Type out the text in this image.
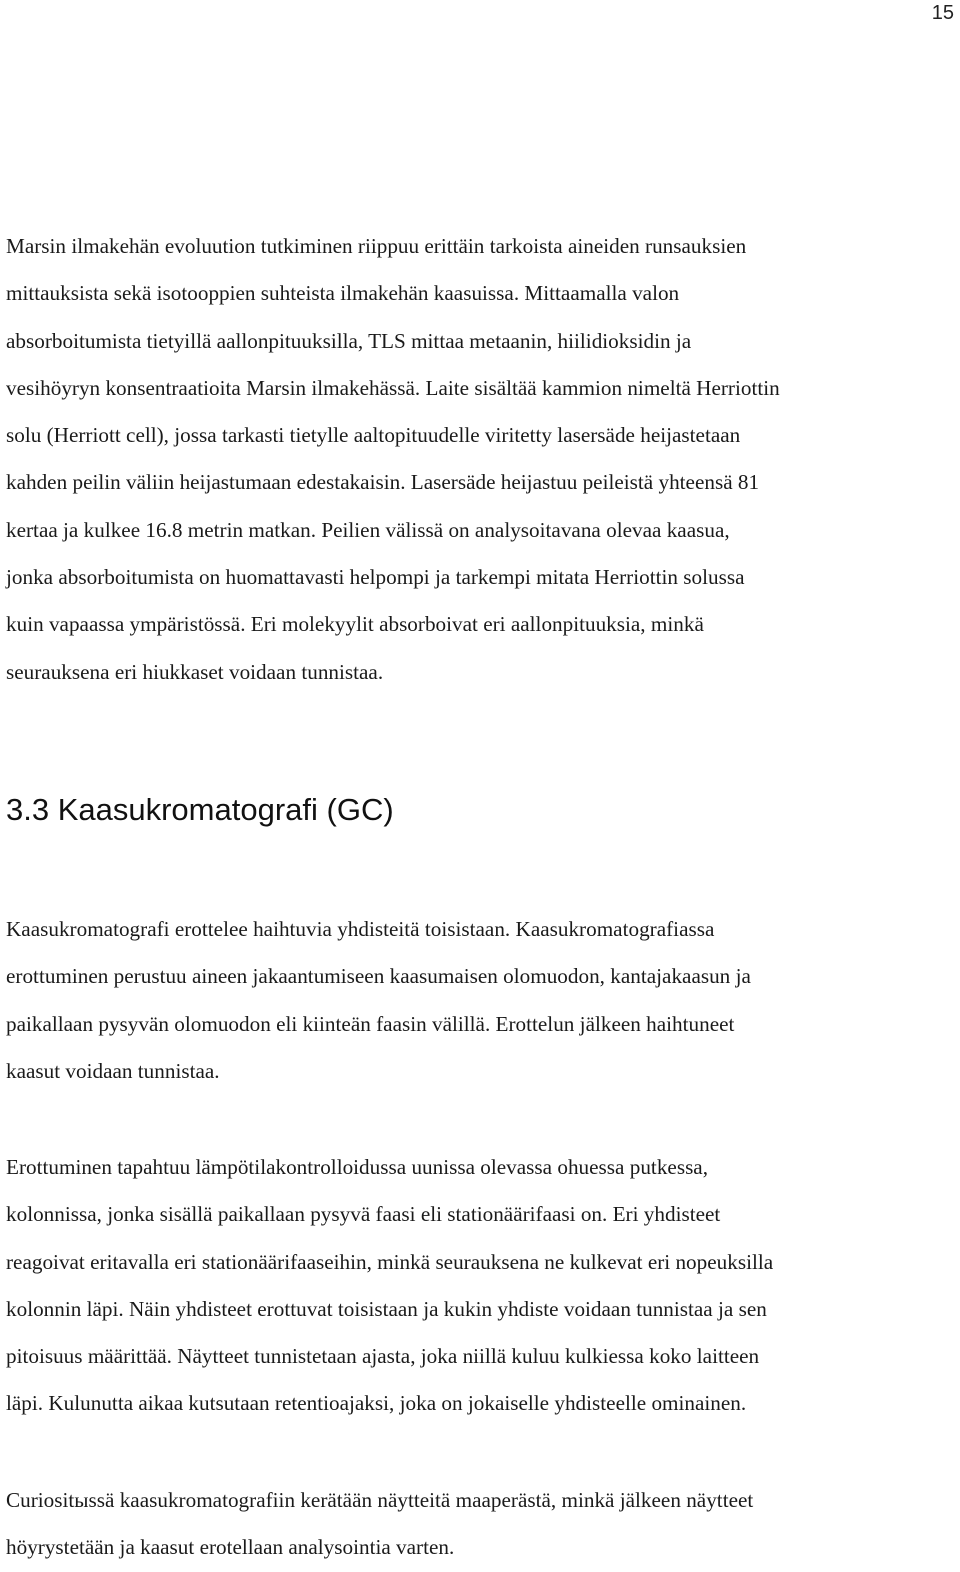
15

Marsin ilmakehän evoluution tutkiminen riippuu erittäin tarkoista aineiden runsauksien
mittauksista sekä isotooppien suhteista ilmakehän kaasuissa. Mittaamalla valon
absorboitumista tietyillä aallonpituuksilla, TLS mittaa metaanin, hiilidioksidin ja
vesihöyryn konsentraatioita Marsin ilmakehässä. Laite sisältää kammion nimeltä Herriottin
solu (Herriott cell), jossa tarkasti tietylle aaltopituudelle viritetty lasersäde heijastetaan
kahden peilin väliin heijastumaan edestakaisin. Lasersäde heijastuu peileistä yhteensä 81
kertaa ja kulkee 16.8 metrin matkan. Peilien välissä on analysoitavana olevaa kaasua,
jonka absorboitumista on huomattavasti helpompi ja tarkempi mitata Herriottin solussa
kuin vapaassa ympäristössä. Eri molekyylit absorboivat eri aallonpituuksia, minkä
seurauksena eri hiukkaset voidaan tunnistaa.

3.3 Kaasukromatografi (GC)

Kaasukromatografi erottelee haihtuvia yhdisteitä toisistaan. Kaasukromatografiassa
erottuminen perustuu aineen jakaantumiseen kaasumaisen olomuodon, kantajakaasun ja
paikallaan pysyvän olomuodon eli kiinteän faasin välillä. Erottelun jälkeen haihtuneet
kaasut voidaan tunnistaa.

Erottuminen tapahtuu lämpötilakontrolloidussa uunissa olevassa ohuessa putkessa,
kolonnissa, jonka sisällä paikallaan pysyvä faasi eli stationäärifaasi on. Eri yhdisteet
reagoivat eritavalla eri stationäärifaaseihin, minkä seurauksena ne kulkevat eri nopeuksilla
kolonnin läpi. Näin yhdisteet erottuvat toisistaan ja kukin yhdiste voidaan tunnistaa ja sen
pitoisuus määrittää. Näytteet tunnistetaan ajasta, joka niillä kuluu kulkiessa koko laitteen
läpi. Kulunutta aikaa kutsutaan retentioajaksi, joka on jokaiselle yhdisteelle ominainen.

Curiositыssä kaasukromatografiin kerätään näytteitä maaperästä, minkä jälkeen näytteet
höyrystetään ja kaasut erotellaan analysointia varten.
